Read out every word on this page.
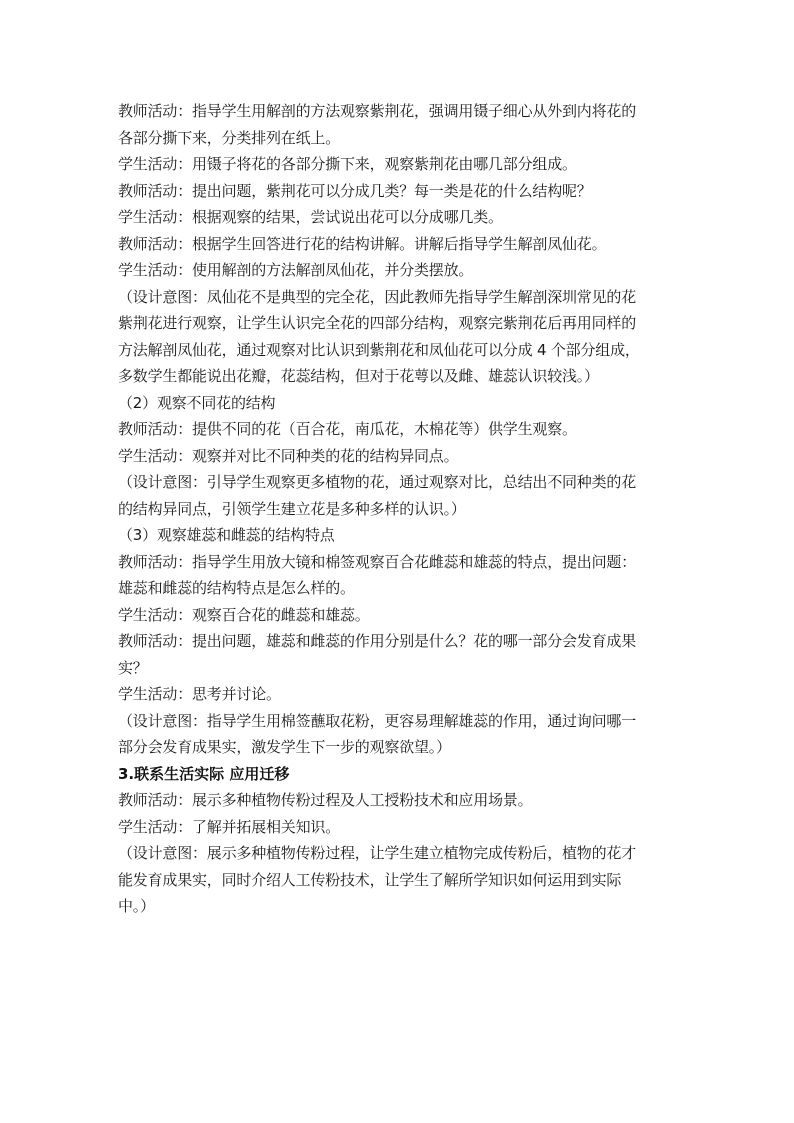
教师活动：指导学生用解剖的方法观察紫荆花，强调用镊子细心从外到内将花的
各部分撕下来，分类排列在纸上。
学生活动：用镊子将花的各部分撕下来，观察紫荆花由哪几部分组成。
教师活动：提出问题，紫荆花可以分成几类？每一类是花的什么结构呢？
学生活动：根据观察的结果，尝试说出花可以分成哪几类。
教师活动：根据学生回答进行花的结构讲解。讲解后指导学生解剖凤仙花。
学生活动：使用解剖的方法解剖凤仙花，并分类摆放。
（设计意图：凤仙花不是典型的完全花，因此教师先指导学生解剖深圳常见的花
紫荆花进行观察，让学生认识完全花的四部分结构，观察完紫荆花后再用同样的
方法解剖凤仙花，通过观察对比认识到紫荆花和凤仙花可以分成 4 个部分组成，
多数学生都能说出花瓣，花蕊结构，但对于花萼以及雌、雄蕊认识较浅。）
（2）观察不同花的结构
教师活动：提供不同的花（百合花，南瓜花，木棉花等）供学生观察。
学生活动：观察并对比不同种类的花的结构异同点。
（设计意图：引导学生观察更多植物的花，通过观察对比，总结出不同种类的花
的结构异同点，引领学生建立花是多种多样的认识。）
（3）观察雄蕊和雌蕊的结构特点
教师活动：指导学生用放大镜和棉签观察百合花雌蕊和雄蕊的特点，提出问题：
雄蕊和雌蕊的结构特点是怎么样的。
学生活动：观察百合花的雌蕊和雄蕊。
教师活动：提出问题，雄蕊和雌蕊的作用分别是什么？花的哪一部分会发育成果
实？
学生活动：思考并讨论。
（设计意图：指导学生用棉签蘸取花粉，更容易理解雄蕊的作用，通过询问哪一
部分会发育成果实，激发学生下一步的观察欲望。）
3.联系生活实际 应用迁移
教师活动：展示多种植物传粉过程及人工授粉技术和应用场景。
学生活动：了解并拓展相关知识。
（设计意图：展示多种植物传粉过程，让学生建立植物完成传粉后，植物的花才
能发育成果实，同时介绍人工传粉技术，让学生了解所学知识如何运用到实际
中。）
